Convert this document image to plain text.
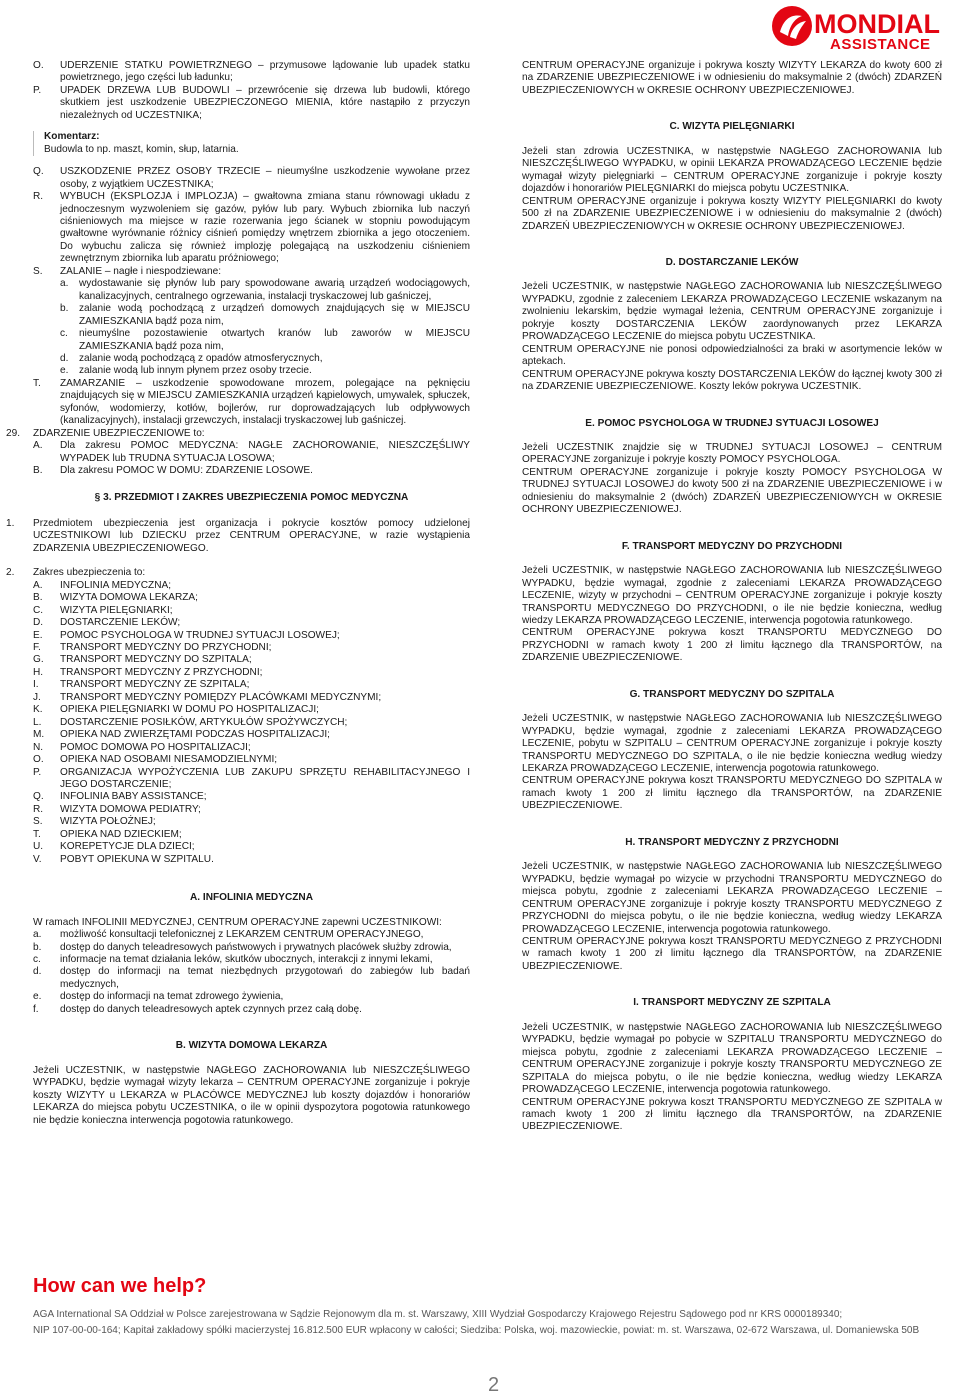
MONDIAL
ASSISTANCE
O.	UDERZENIE STATKU POWIETRZNEGO – przymusowe lądowanie lub upadek statku powietrznego, jego części lub ładunku;
P.	UPADEK DRZEWA LUB BUDOWLI – przewrócenie się drzewa lub budowli, którego skutkiem jest uszkodzenie UBEZPIECZONEGO MIENIA, które nastąpiło z przyczyn niezależnych od UCZESTNIKA;

Komentarz:

Budowla to np. maszt, komin, słup, latarnia.

Q.	USZKODZENIE PRZEZ OSOBY TRZECIE – nieumyślne uszkodzenie wywołane przez osoby, z wyjątkiem UCZESTNIKA;
R.	WYBUCH (EKSPLOZJA i IMPLOZJA) – gwałtowna zmiana stanu równowagi układu z jednoczesnym wyzwoleniem się gazów, pyłów lub pary. Wybuch zbiornika lub naczyń ciśnieniowych ma miejsce w razie rozerwania jego ścianek w stopniu powodującym gwałtowne wyrównanie różnicy ciśnień pomiędzy wnętrzem zbiornika a jego otoczeniem. Do wybuchu zalicza się również implozję polegającą na uszkodzeniu ciśnieniem zewnętrznym zbiornika lub aparatu próżniowego;
S.	ZALANIE – nagłe i niespodziewane:
a.	wydostawanie się płynów lub pary spowodowane awarią urządzeń wodociągowych, kanalizacyjnych, centralnego ogrzewania, instalacji tryskaczowej lub gaśniczej,
b.	zalanie wodą pochodzącą z urządzeń domowych znajdujących się w MIEJSCU ZAMIESZKANIA bądź poza nim,
c.	nieumyślne pozostawienie otwartych kranów lub zaworów w MIEJSCU ZAMIESZKANIA bądź poza nim,
d.	zalanie wodą pochodzącą z opadów atmosferycznych,
e.	zalanie wodą lub innym płynem przez osoby trzecie.
T.	ZAMARZANIE – uszkodzenie spowodowane mrozem, polegające na pęknięciu znajdujących się w MIEJSCU ZAMIESZKANIA urządzeń kąpielowych, umywalek, spłuczek, syfonów, wodomierzy, kotłów, bojlerów, rur doprowadzających lub odpływowych (kanalizacyjnych), instalacji grzewczych, instalacji tryskaczowej lub gaśniczej.
29.	ZDARZENIE UBEZPIECZENIOWE to:
A.	Dla zakresu POMOC MEDYCZNA: NAGŁE ZACHOROWANIE, NIESZCZĘŚLIWY WYPADEK lub TRUDNA SYTUACJA LOSOWA;
B.	Dla zakresu POMOC W DOMU: ZDARZENIE LOSOWE.
§ 3. PRZEDMIOT I ZAKRES UBEZPIECZENIA POMOC MEDYCZNA
1.	Przedmiotem ubezpieczenia jest organizacja i pokrycie kosztów pomocy udzielonej UCZESTNIKOWI lub DZIECKU przez CENTRUM OPERACYJNE, w razie wystąpienia ZDARZENIA UBEZPIECZENIOWEGO.
2.	Zakres ubezpieczenia to:
A.	INFOLINIA MEDYCZNA;
B.	WIZYTA DOMOWA LEKARZA;
C.	WIZYTA PIELĘGNIARKI;
D.	DOSTARCZENIE LEKÓW;
E.	POMOC PSYCHOLOGA W TRUDNEJ SYTUACJI LOSOWEJ;
F.	TRANSPORT MEDYCZNY DO PRZYCHODNI;
G.	TRANSPORT MEDYCZNY DO SZPITALA;
H.	TRANSPORT MEDYCZNY Z PRZYCHODNI;
I.	TRANSPORT MEDYCZNY ZE SZPITALA;
J.	TRANSPORT MEDYCZNY POMIĘDZY PLACÓWKAMI MEDYCZNYMI;
K.	OPIEKA PIELĘGNIARKI W DOMU PO HOSPITALIZACJI;
L.	DOSTARCZENIE POSIŁKÓW, ARTYKUŁÓW SPOŻYWCZYCH;
M.	OPIEKA NAD ZWIERZĘTAMI PODCZAS HOSPITALIZACJI;
N.	POMOC DOMOWA PO HOSPITALIZACJI;
O.	OPIEKA NAD OSOBAMI NIESAMODZIELNYMI;
P.	ORGANIZACJA WYPOŻYCZENIA LUB ZAKUPU SPRZĘTU REHABILITACYJNEGO I JEGO DOSTARCZENIE;
Q.	INFOLINIA BABY ASSISTANCE;
R.	WIZYTA DOMOWA PEDIATRY;
S.	WIZYTA POŁOŻNEJ;
T.	OPIEKA NAD DZIECKIEM;
U.	KOREPETYCJE DLA DZIECI;
V.	POBYT OPIEKUNA W SZPITALU.
A. INFOLINIA MEDYCZNA

W ramach INFOLINII MEDYCZNEJ, CENTRUM OPERACYJNE zapewni UCZESTNIKOWI:

a.	możliwość konsultacji telefonicznej z LEKARZEM CENTRUM OPERACYJNEGO,
b.	dostęp do danych teleadresowych państwowych i prywatnych placówek służby zdrowia,
c.	informacje na temat działania leków, skutków ubocznych, interakcji z innymi lekami,
d.	dostęp do informacji na temat niezbędnych przygotowań do zabiegów lub badań medycznych,
e.	dostęp do informacji na temat zdrowego żywienia,
f.	dostęp do danych teleadresowych aptek czynnych przez całą dobę.
B. WIZYTA DOMOWA LEKARZA

Jeżeli UCZESTNIK, w następstwie NAGŁEGO ZACHOROWANIA lub NIESZCZĘŚLIWEGO WYPADKU, będzie wymagał wizyty lekarza – CENTRUM OPERACYJNE zorganizuje i pokryje koszty WIZYTY u LEKARZA w PLACÓWCE MEDYCZNEJ lub koszty dojazdów i honorariów LEKARZA do miejsca pobytu UCZESTNIKA, o ile w opinii dyspozytora pogotowia ratunkowego nie będzie konieczna interwencja pogotowia ratunkowego.

CENTRUM OPERACYJNE organizuje i pokrywa koszty WIZYTY LEKARZA do kwoty 600 zł na ZDARZENIE UBEZPIECZENIOWE i w odniesieniu do maksymalnie 2 (dwóch) ZDARZEŃ UBEZPIECZENIOWYCH w OKRESIE OCHRONY UBEZPIECZENIOWEJ.

C. WIZYTA PIELĘGNIARKI

Jeżeli stan zdrowia UCZESTNIKA, w następstwie NAGŁEGO ZACHOROWANIA lub NIESZCZĘŚLIWEGO WYPADKU, w opinii LEKARZA PROWADZĄCEGO LECZENIE będzie wymagał wizyty pielęgniarki – CENTRUM OPERACYJNE zorganizuje i pokryje koszty dojazdów i honorariów PIELĘGNIARKI do miejsca pobytu UCZESTNIKA.

CENTRUM OPERACYJNE organizuje i pokrywa koszty WIZYTY PIELĘGNIARKI do kwoty 500 zł na ZDARZENIE UBEZPIECZENIOWE i w odniesieniu do maksymalnie 2 (dwóch) ZDARZEŃ UBEZPIECZENIOWYCH w OKRESIE OCHRONY UBEZPIECZENIOWEJ.

D. DOSTARCZANIE LEKÓW

Jeżeli UCZESTNIK, w następstwie NAGŁEGO ZACHOROWANIA lub NIESZCZĘŚLIWEGO WYPADKU, zgodnie z zaleceniem LEKARZA PROWADZĄCEGO LECZENIE wskazanym na zwolnieniu lekarskim, będzie wymagał leżenia, CENTRUM OPERACYJNE zorganizuje i pokryje koszty DOSTARCZENIA LEKÓW zaordynowanych przez LEKARZA PROWADZĄCEGO LECZENIE do miejsca pobytu UCZESTNIKA.

CENTRUM OPERACYJNE nie ponosi odpowiedzialności za braki w asortymencie leków w aptekach.

CENTRUM OPERACYJNE pokrywa koszty DOSTARCZENIA LEKÓW do łącznej kwoty 300 zł na ZDARZENIE UBEZPIECZENIOWE. Koszty leków pokrywa UCZESTNIK.

E. POMOC PSYCHOLOGA W TRUDNEJ SYTUACJI LOSOWEJ

Jeżeli UCZESTNIK znajdzie się w TRUDNEJ SYTUACJI LOSOWEJ – CENTRUM OPERACYJNE zorganizuje i pokryje koszty POMOCY PSYCHOLOGA.

CENTRUM OPERACYJNE zorganizuje i pokryje koszty POMOCY PSYCHOLOGA W TRUDNEJ SYTUACJI LOSOWEJ do kwoty 500 zł na ZDARZENIE UBEZPIECZENIOWE i w odniesieniu do maksymalnie 2 (dwóch) ZDARZEŃ UBEZPIECZENIOWYCH w OKRESIE OCHRONY UBEZPIECZENIOWEJ.

F. TRANSPORT MEDYCZNY DO PRZYCHODNI

Jeżeli UCZESTNIK, w następstwie NAGŁEGO ZACHOROWANIA lub NIESZCZĘŚLIWEGO WYPADKU, będzie wymagał, zgodnie z zaleceniami LEKARZA PROWADZĄCEGO LECZENIE, wizyty w przychodni – CENTRUM OPERACYJNE zorganizuje i pokryje koszty TRANSPORTU MEDYCZNEGO DO PRZYCHODNI, o ile nie będzie konieczna, według wiedzy LEKARZA PROWADZĄCEGO LECZENIE, interwencja pogotowia ratunkowego.

CENTRUM OPERACYJNE pokrywa koszt TRANSPORTU MEDYCZNEGO DO PRZYCHODNI w ramach kwoty 1 200 zł limitu łącznego dla TRANSPORTÓW, na ZDARZENIE UBEZPIECZENIOWE.

G. TRANSPORT MEDYCZNY DO SZPITALA

Jeżeli UCZESTNIK, w następstwie NAGŁEGO ZACHOROWANIA lub NIESZCZĘŚLIWEGO WYPADKU, będzie wymagał, zgodnie z zaleceniami LEKARZA PROWADZĄCEGO LECZENIE, pobytu w SZPITALU – CENTRUM OPERACYJNE zorganizuje i pokryje koszty TRANSPORTU MEDYCZNEGO DO SZPITALA, o ile nie będzie konieczna według wiedzy LEKARZA PROWADZĄCEGO LECZENIE, interwencja pogotowia ratunkowego.

CENTRUM OPERACYJNE pokrywa koszt TRANSPORTU MEDYCZNEGO DO SZPITALA w ramach kwoty 1 200 zł limitu łącznego dla TRANSPORTÓW, na ZDARZENIE UBEZPIECZENIOWE.

H. TRANSPORT MEDYCZNY Z PRZYCHODNI

Jeżeli UCZESTNIK, w następstwie NAGŁEGO ZACHOROWANIA lub NIESZCZĘŚLIWEGO WYPADKU, będzie wymagał po wizycie w przychodni TRANSPORTU MEDYCZNEGO do miejsca pobytu, zgodnie z zaleceniami LEKARZA PROWADZĄCEGO LECZENIE – CENTRUM OPERACYJNE zorganizuje i pokryje koszty TRANSPORTU MEDYCZNEGO Z PRZYCHODNI do miejsca pobytu, o ile nie będzie konieczna, według wiedzy LEKARZA PROWADZĄCEGO LECZENIE, interwencja pogotowia ratunkowego.

CENTRUM OPERACYJNE pokrywa koszt TRANSPORTU MEDYCZNEGO Z PRZYCHODNI w ramach kwoty 1 200 zł limitu łącznego dla TRANSPORTÓW, na ZDARZENIE UBEZPIECZENIOWE.

I. TRANSPORT MEDYCZNY ZE SZPITALA

Jeżeli UCZESTNIK, w następstwie NAGŁEGO ZACHOROWANIA lub NIESZCZĘŚLIWEGO WYPADKU, będzie wymagał po pobycie w SZPITALU TRANSPORTU MEDYCZNEGO do miejsca pobytu, zgodnie z zaleceniami LEKARZA PROWADZĄCEGO LECZENIE – CENTRUM OPERACYJNE zorganizuje i pokryje koszty TRANSPORTU MEDYCZNEGO ZE SZPITALA do miejsca pobytu, o ile nie będzie konieczna, według wiedzy LEKARZA PROWADZĄCEGO LECZENIE, interwencja pogotowia ratunkowego.

CENTRUM OPERACYJNE pokrywa koszt TRANSPORTU MEDYCZNEGO ZE SZPITALA w ramach kwoty 1 200 zł limitu łącznego dla TRANSPORTÓW, na ZDARZENIE UBEZPIECZENIOWE.

How can we help?
AGA International SA Oddział w Polsce zarejestrowana w Sądzie Rejonowym dla m. st. Warszawy, XIII Wydział Gospodarczy Krajowego Rejestru Sądowego pod nr KRS 0000189340;
NIP 107-00-00-164; Kapitał zakładowy spółki macierzystej 16.812.500 EUR wpłacony w całości; Siedziba: Polska, woj. mazowieckie, powiat: m. st. Warszawa, 02-672 Warszawa, ul. Domaniewska 50B
2
